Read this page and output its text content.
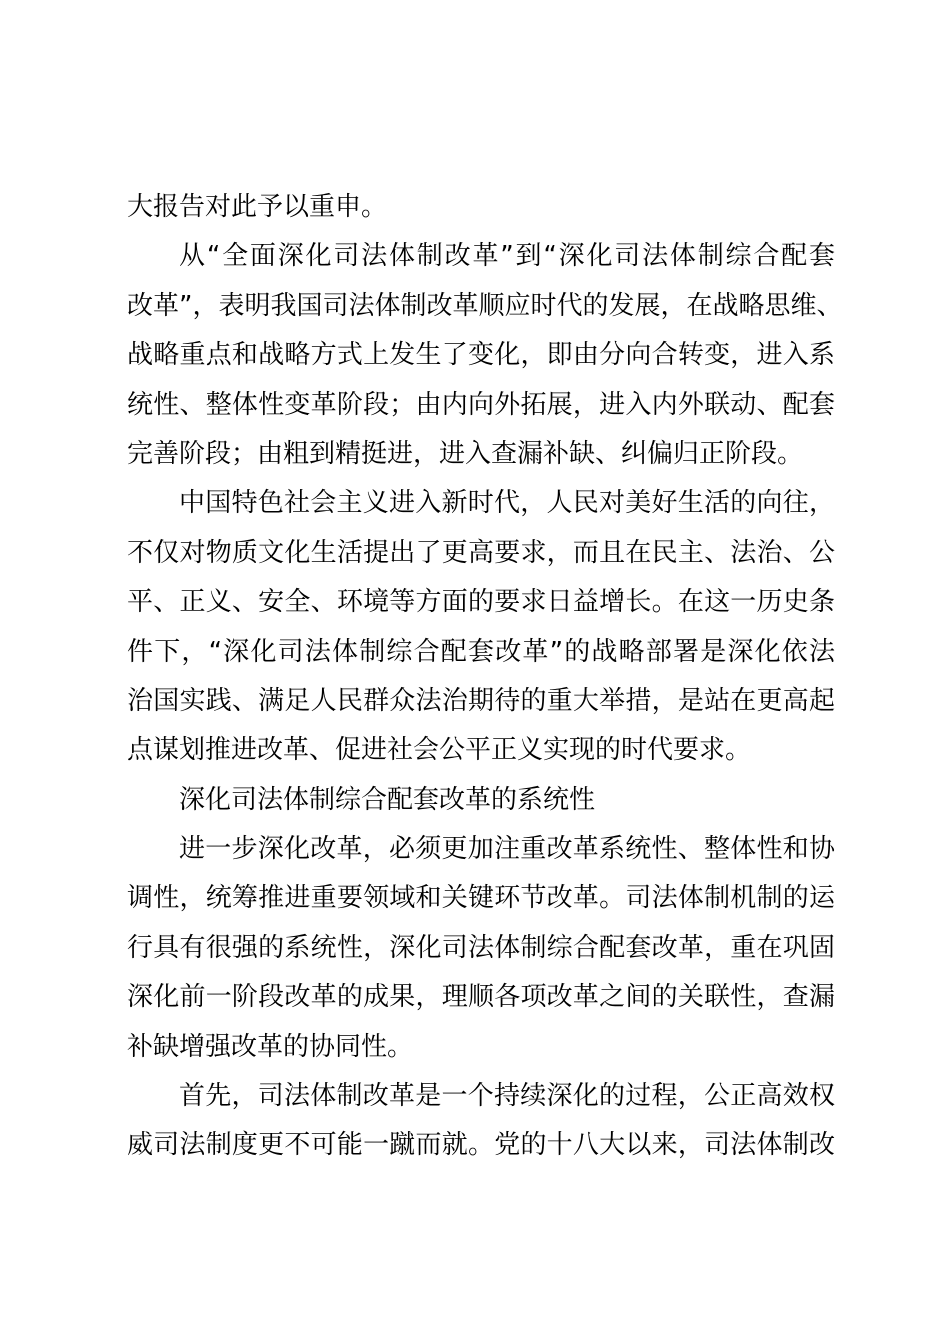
大报告对此予以重申。
从“全面深化司法体制改革”到“深化司法体制综合配套
改革”，表明我国司法体制改革顺应时代的发展，在战略思维、
战略重点和战略方式上发生了变化，即由分向合转变，进入系
统性、整体性变革阶段；由内向外拓展，进入内外联动、配套
完善阶段；由粗到精挺进，进入查漏补缺、纠偏归正阶段。
中国特色社会主义进入新时代，人民对美好生活的向往，
不仅对物质文化生活提出了更高要求，而且在民主、法治、公
平、正义、安全、环境等方面的要求日益增长。在这一历史条
件下，“深化司法体制综合配套改革”的战略部署是深化依法
治国实践、满足人民群众法治期待的重大举措，是站在更高起
点谋划推进改革、促进社会公平正义实现的时代要求。
深化司法体制综合配套改革的系统性
进一步深化改革，必须更加注重改革系统性、整体性和协
调性，统筹推进重要领域和关键环节改革。司法体制机制的运
行具有很强的系统性，深化司法体制综合配套改革，重在巩固
深化前一阶段改革的成果，理顺各项改革之间的关联性，查漏
补缺增强改革的协同性。
首先，司法体制改革是一个持续深化的过程，公正高效权
威司法制度更不可能一蹴而就。党的十八大以来，司法体制改
